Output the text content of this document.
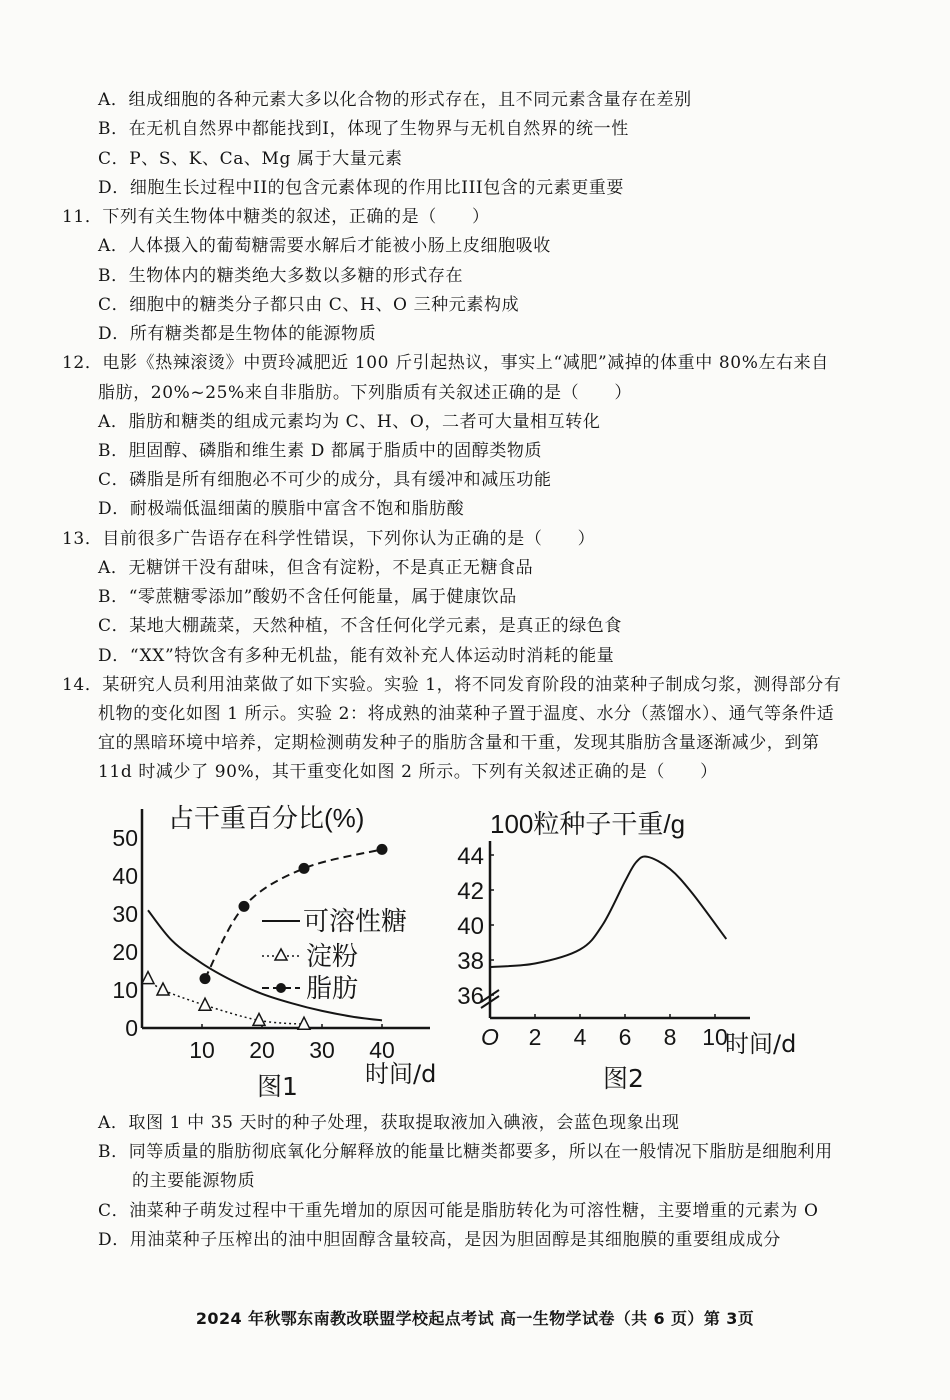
A．组成细胞的各种元素大多以化合物的形式存在，且不同元素含量存在差别
B．在无机自然界中都能找到I，体现了生物界与无机自然界的统一性
C．P、S、K、Ca、Mg 属于大量元素
D．细胞生长过程中II的包含元素体现的作用比III包含的元素更重要
11．下列有关生物体中糖类的叙述，正确的是（　　）
A．人体摄入的葡萄糖需要水解后才能被小肠上皮细胞吸收
B．生物体内的糖类绝大多数以多糖的形式存在
C．细胞中的糖类分子都只由 C、H、O 三种元素构成
D．所有糖类都是生物体的能源物质
12．电影《热辣滚烫》中贾玲减肥近 100 斤引起热议，事实上“减肥”减掉的体重中 80%左右来自
脂肪，20%~25%来自非脂肪。下列脂质有关叙述正确的是（　　）
A．脂肪和糖类的组成元素均为 C、H、O，二者可大量相互转化
B．胆固醇、磷脂和维生素 D 都属于脂质中的固醇类物质
C．磷脂是所有细胞必不可少的成分，具有缓冲和减压功能
D．耐极端低温细菌的膜脂中富含不饱和脂肪酸
13．目前很多广告语存在科学性错误，下列你认为正确的是（　　）
A．无糖饼干没有甜味，但含有淀粉，不是真正无糖食品
B．“零蔗糖零添加”酸奶不含任何能量，属于健康饮品
C．某地大棚蔬菜，天然种植，不含任何化学元素，是真正的绿色食
D．“XX”特饮含有多种无机盐，能有效补充人体运动时消耗的能量
14．某研究人员利用油菜做了如下实验。实验 1，将不同发育阶段的油菜种子制成匀浆，测得部分有
机物的变化如图 1 所示。实验 2：将成熟的油菜种子置于温度、水分（蒸馏水）、通气等条件适
宜的黑暗环境中培养，定期检测萌发种子的脂肪含量和干重，发现其脂肪含量逐渐减少，到第
11d 时减少了 90%，其干重变化如图 2 所示。下列有关叙述正确的是（　　）
占干重百分比(%)
0
10
20
30
40
50
10 20 30 40
可溶性糖
淀粉
脂肪
时间/d
图1
100粒种子干重/g
36
38
40
42
44
O 2 4 6 8 10
时间/d
图2
A．取图 1 中 35 天时的种子处理，获取提取液加入碘液，会蓝色现象出现
B．同等质量的脂肪彻底氧化分解释放的能量比糖类都要多，所以在一般情况下脂肪是细胞利用
的主要能源物质
C．油菜种子萌发过程中干重先增加的原因可能是脂肪转化为可溶性糖，主要增重的元素为 O
D．用油菜种子压榨出的油中胆固醇含量较高，是因为胆固醇是其细胞膜的重要组成成分
2024 年秋鄂东南教改联盟学校起点考试 高一生物学试卷（共 6 页）第 3页
